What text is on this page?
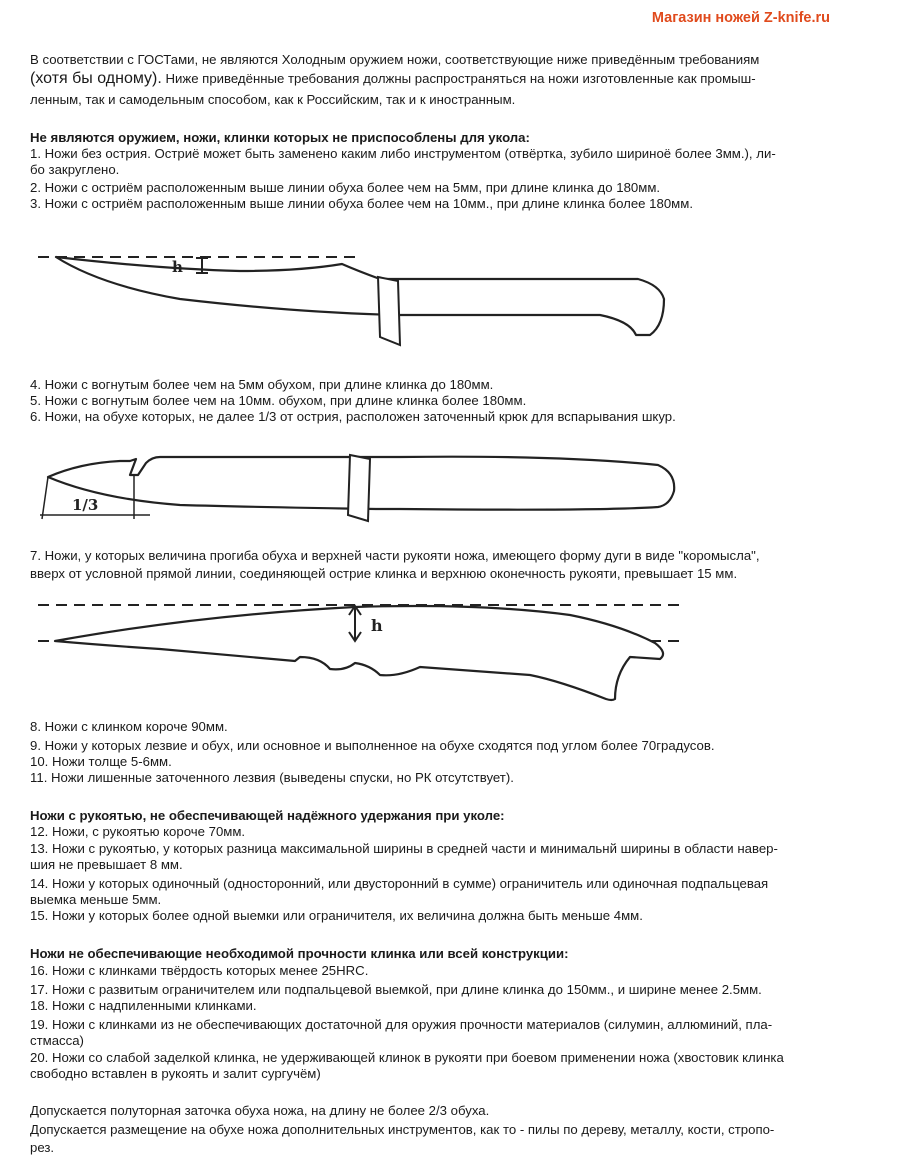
Магазин ножей Z-knife.ru
В соответствии с ГОСТами, не являются Холодным оружием ножи, соответствующие ниже приведённым требованиям
(хотя бы одному). Ниже приведённые требования должны распространяться на ножи изготовленные как промыш-
ленным, так и самодельным способом, как к Российским, так и к иностранным.
Не являются оружием, ножи, клинки которых не приспособлены для укола:
1. Ножи без острия. Остриё может быть заменено каким либо инструментом (отвёртка, зубило шириноё более 3мм.), ли-
бо закруглено.
2. Ножи с остриём расположенным выше линии обуха более чем на 5мм, при длине клинка до 180мм.
3. Ножи с остриём расположенным выше линии обуха более чем на 10мм., при длине клинка более 180мм.
h
4. Ножи с вогнутым более чем на 5мм обухом, при длине клинка до 180мм.
5. Ножи с вогнутым более чем на 10мм. обухом, при длине клинка более 180мм.
6. Ножи, на обухе которых, не далее 1/3 от острия, расположен заточенный крюк для вспарывания шкур.
1/3
7. Ножи, у которых величина прогиба обуха и верхней части рукояти ножа, имеющего форму дуги в виде "коромысла",
вверх от условной прямой линии, соединяющей острие клинка и верхнюю оконечность рукояти, превышает 15 мм.
h
8. Ножи с клинком короче 90мм.
9. Ножи у которых лезвие и обух, или основное и выполненное на обухе сходятся под углом более 70градусов.
10. Ножи толще 5-6мм.
11. Ножи лишенные заточенного лезвия (выведены спуски, но РК отсутствует).
Ножи с рукоятью, не обеспечивающей надёжного удержания при уколе:
12. Ножи, с рукоятью короче 70мм.
13. Ножи с рукоятью, у которых разница максимальной ширины в средней части и минимальнй ширины в области навер-
шия не превышает 8 мм.
14. Ножи у которых одиночный (односторонний, или двусторонний в сумме) ограничитель или одиночная подпальцевая
выемка меньше 5мм.
15. Ножи у которых более одной выемки или ограничителя, их величина должна быть меньше 4мм.
Ножи не обеспечивающие необходимой прочности клинка или всей конструкции:
16. Ножи с клинками твёрдость которых менее 25HRC.
17. Ножи с развитым ограничителем или подпальцевой выемкой, при длине клинка до 150мм., и ширине менее 2.5мм.
18. Ножи с надпиленными клинками.
19. Ножи с клинками из не обеспечивающих достаточной для оружия прочности материалов (силумин, аллюминий, пла-
стмасса)
20. Ножи со слабой заделкой клинка, не удерживающей клинок в рукояти при боевом применении ножа (хвостовик клинка
свободно вставлен в рукоять и залит сургучём)
Допускается полуторная заточка обуха ножа, на длину не более 2/3 обуха.
Допускается размещение на обухе ножа дополнительных инструментов, как то - пилы по дереву, металлу, кости, стропо-
рез.
